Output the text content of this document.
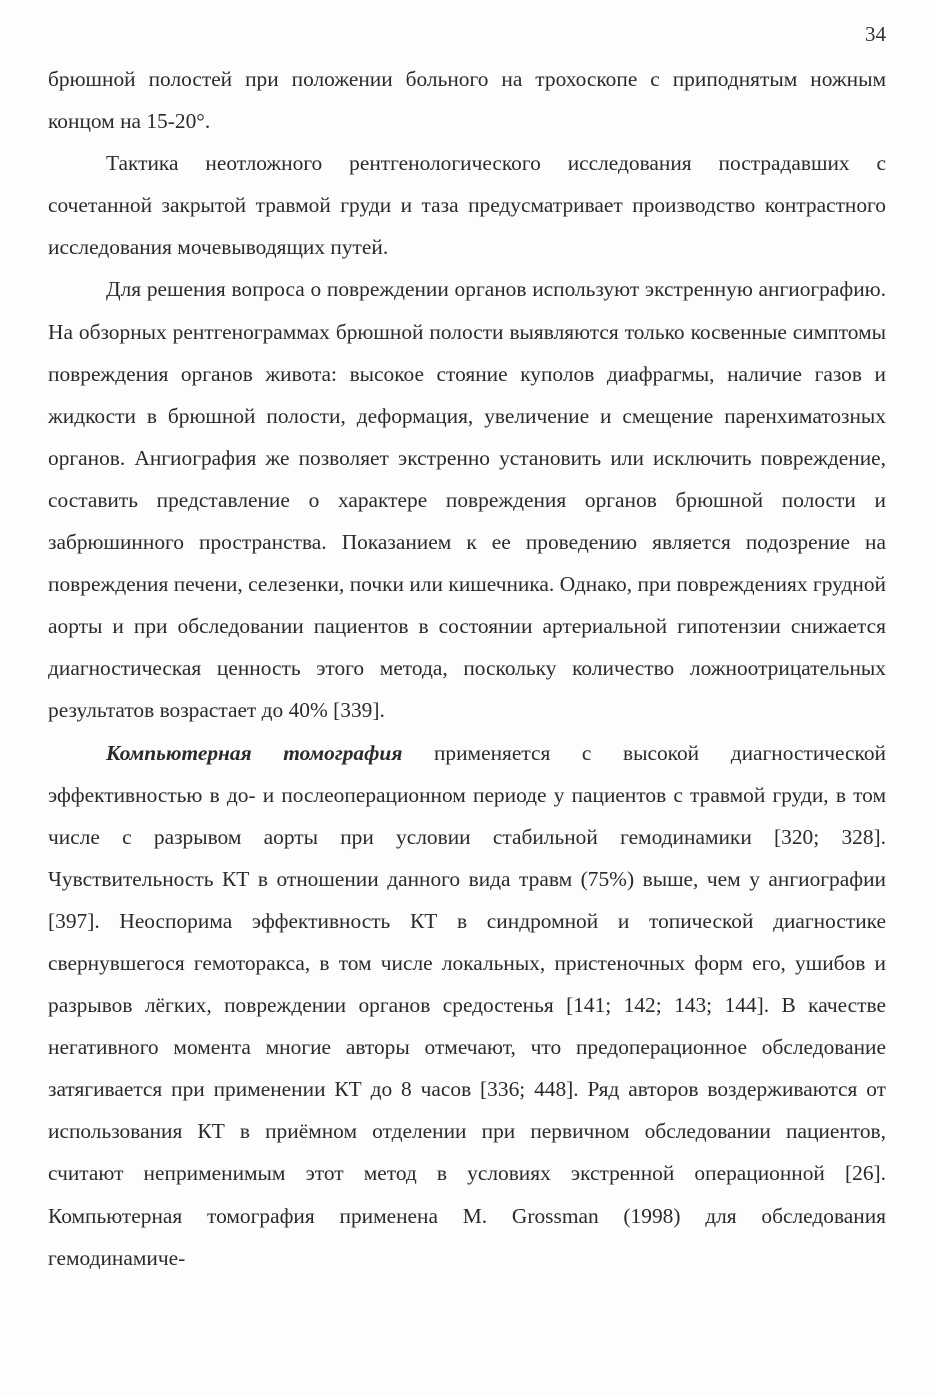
34

брюшной полостей при положении больного на трохоскопе с приподнятым ножным концом на 15-20°.

Тактика неотложного рентгенологического исследования пострадавших с сочетанной закрытой травмой груди и таза предусматривает производство контрастного исследования мочевыводящих путей.

Для решения вопроса о повреждении органов используют экстренную ангиографию. На обзорных рентгенограммах брюшной полости выявляются только косвенные симптомы повреждения органов живота: высокое стояние куполов диафрагмы, наличие газов и жидкости в брюшной полости, деформация, увеличение и смещение паренхиматозных органов. Ангиография же позволяет экстренно установить или исключить повреждение, составить представление о характере повреждения органов брюшной полости и забрюшинного пространства. Показанием к ее проведению является подозрение на повреждения печени, селезенки, почки или кишечника. Однако, при повреждениях грудной аорты и при обследовании пациентов в состоянии артериальной гипотензии снижается диагностическая ценность этого метода, поскольку количество ложноотрицательных результатов возрастает до 40% [339].

Компьютерная томография применяется с высокой диагностической эффективностью в до- и послеоперационном периоде у пациентов с травмой груди, в том числе с разрывом аорты при условии стабильной гемодинамики [320; 328]. Чувствительность КТ в отношении данного вида травм (75%) выше, чем у ангиографии [397]. Неоспорима эффективность КТ в синдромной и топической диагностике свернувшегося гемоторакса, в том числе локальных, пристеночных форм его, ушибов и разрывов лёгких, повреждении органов средостенья [141; 142; 143; 144]. В качестве негативного момента многие авторы отмечают, что предоперационное обследование затягивается при применении КТ до 8 часов [336; 448]. Ряд авторов воздерживаются от использования КТ в приёмном отделении при первичном обследовании пациентов, считают непримeнимым этот метод в условиях экстренной операционной [26]. Компьютерная томография применена M. Grossman (1998) для обследования гемодинамиче-
